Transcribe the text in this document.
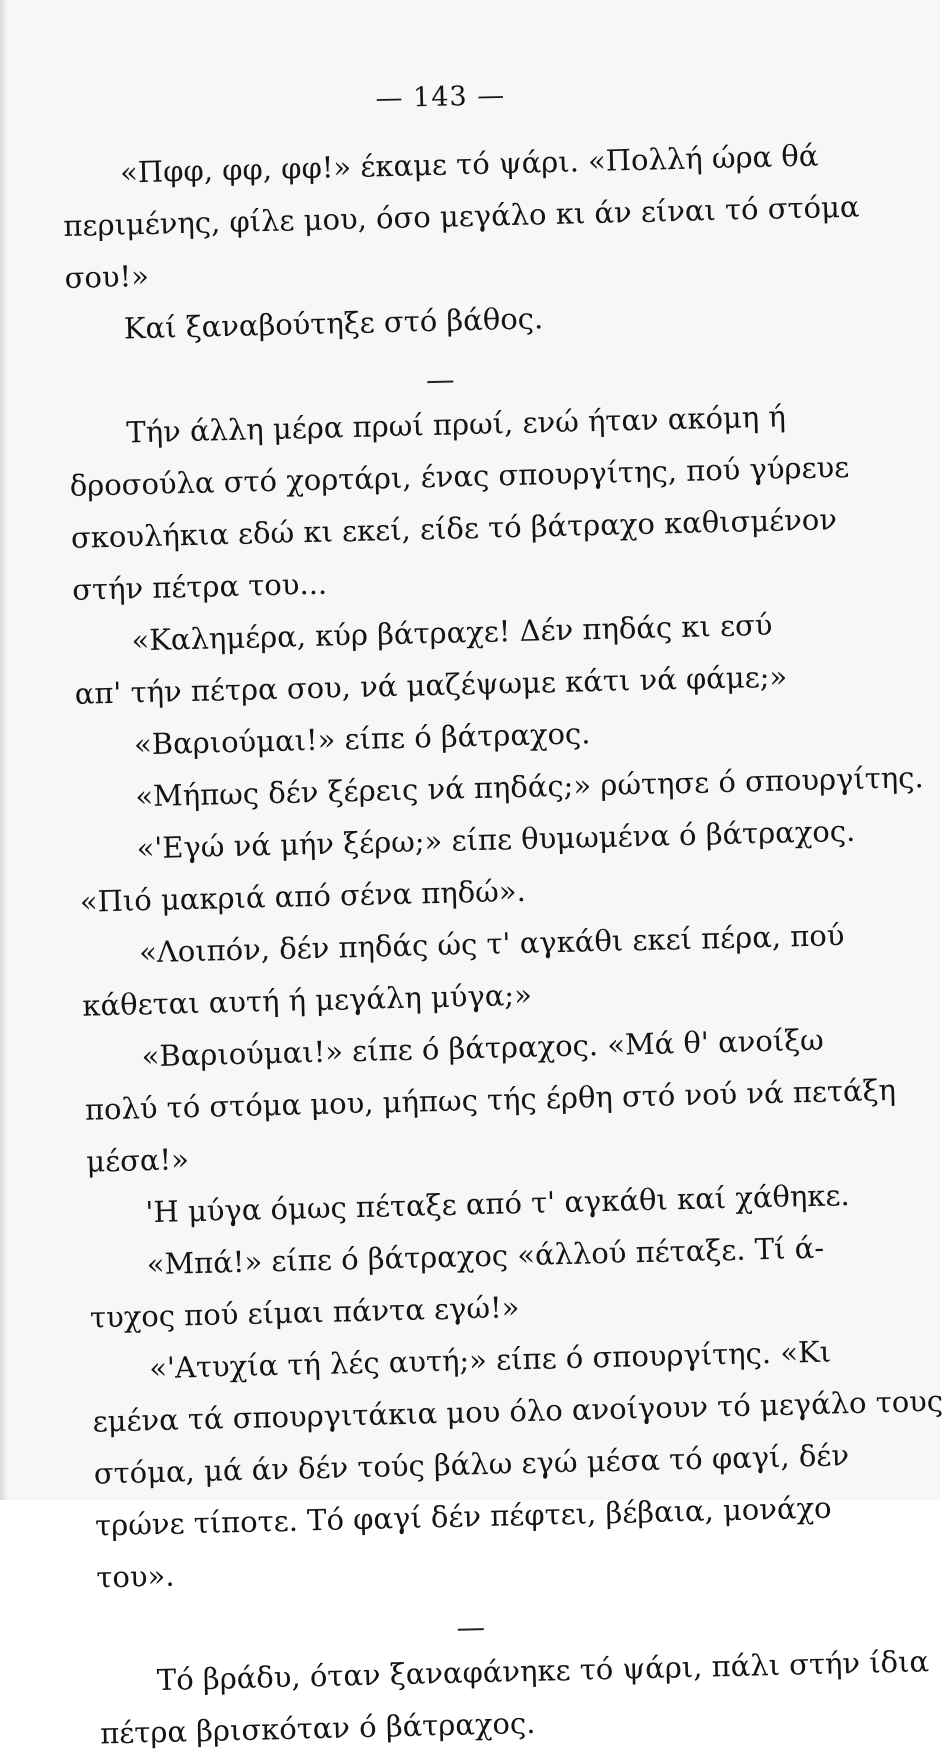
— 143 —
«Πφφ, φφ, φφ!» έκαμε τό ψάρι. «Πολλή ώρα θά
περιμένης, φίλε μου, όσο μεγάλο κι άν είναι τό στόμα
σου!»
Καί ξαναβούτηξε στό βάθος.
Τήν άλλη μέρα πρωί πρωί, ενώ ήταν ακόμη ή
δροσούλα στό χορτάρι, ένας σπουργίτης, πού γύρευε
σκουλήκια εδώ κι εκεί, είδε τό βάτραχο καθισμένον
στήν πέτρα του...
«Καλημέρα, κύρ βάτραχε! Δέν πηδάς κι εσύ
απ' τήν πέτρα σου, νά μαζέψωμε κάτι νά φάμε;»
«Βαριούμαι!» είπε ό βάτραχος.
«Μήπως δέν ξέρεις νά πηδάς;» ρώτησε ό σπουργίτης.
«'Εγώ νά μήν ξέρω;» είπε θυμωμένα ό βάτραχος.
«Πιό μακριά από σένα πηδώ».
«Λοιπόν, δέν πηδάς ώς τ' αγκάθι εκεί πέρα, πού
κάθεται αυτή ή μεγάλη μύγα;»
«Βαριούμαι!» είπε ό βάτραχος. «Μά θ' ανοίξω
πολύ τό στόμα μου, μήπως τής έρθη στό νού νά πετάξη
μέσα!»
'Η μύγα όμως πέταξε από τ' αγκάθι καί χάθηκε.
«Μπά!» είπε ό βάτραχος «άλλού πέταξε. Τί ά-
τυχος πού είμαι πάντα εγώ!»
«'Ατυχία τή λές αυτή;» είπε ό σπουργίτης. «Κι
εμένα τά σπουργιτάκια μου όλο ανοίγουν τό μεγάλο τους
στόμα, μά άν δέν τούς βάλω εγώ μέσα τό φαγί, δέν
τρώνε τίποτε. Τό φαγί δέν πέφτει, βέβαια, μονάχο
του».
Τό βράδυ, όταν ξαναφάνηκε τό ψάρι, πάλι στήν ίδια
πέτρα βρισκόταν ό βάτραχος.
